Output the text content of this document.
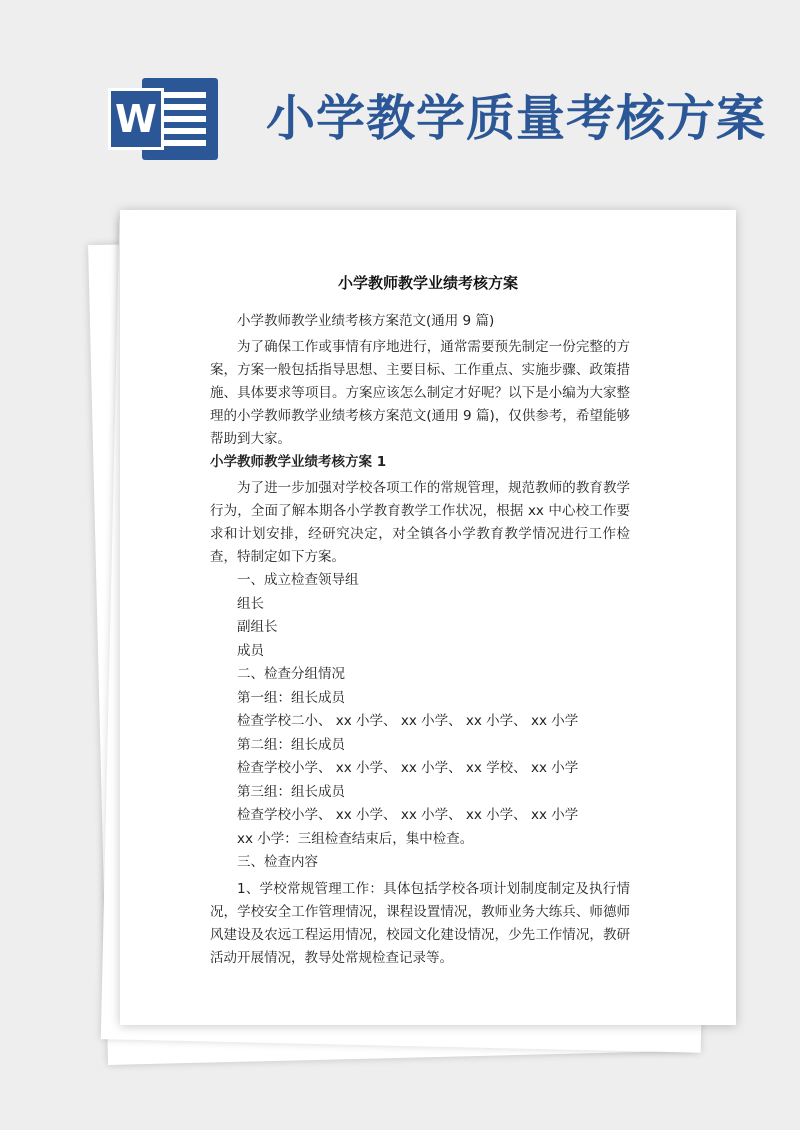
W 小学教学质量考核方案
小学教师教学业绩考核方案
小学教师教学业绩考核方案范文(通用 9 篇)
为了确保工作或事情有序地进行，通常需要预先制定一份完整的方案，方案一般包括指导思想、主要目标、工作重点、实施步骤、政策措施、具体要求等项目。方案应该怎么制定才好呢？以下是小编为大家整理的小学教师教学业绩考核方案范文(通用 9 篇)，仅供参考，希望能够帮助到大家。
小学教师教学业绩考核方案 1
为了进一步加强对学校各项工作的常规管理，规范教师的教育教学行为，全面了解本期各小学教育教学工作状况，根据 xx 中心校工作要求和计划安排，经研究决定，对全镇各小学教育教学情况进行工作检查，特制定如下方案。
一、成立检查领导组
组长
副组长
成员
二、检查分组情况
第一组：组长成员
检查学校二小、 xx 小学、 xx 小学、 xx 小学、 xx 小学
第二组：组长成员
检查学校小学、 xx 小学、 xx 小学、 xx 学校、 xx 小学
第三组：组长成员
检查学校小学、 xx 小学、 xx 小学、 xx 小学、 xx 小学
xx 小学：三组检查结束后，集中检查。
三、检查内容
1、学校常规管理工作：具体包括学校各项计划制度制定及执行情况，学校安全工作管理情况，课程设置情况，教师业务大练兵、师德师风建设及农远工程运用情况，校园文化建设情况，少先工作情况，教研活动开展情况，教导处常规检查记录等。
